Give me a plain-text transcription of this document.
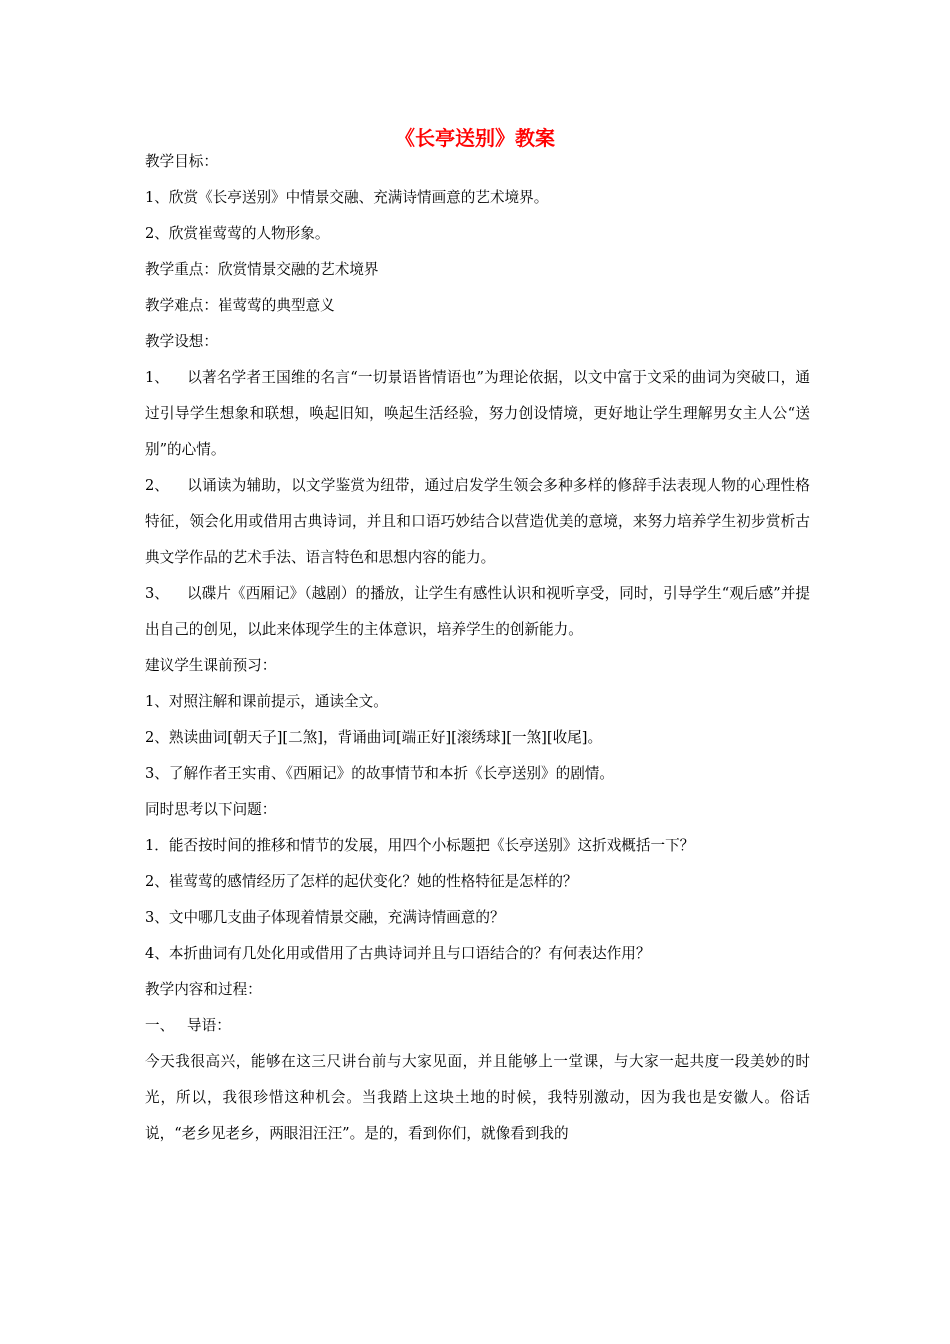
《长亭送别》教案

教学目标：

1、欣赏《长亭送别》中情景交融、充满诗情画意的艺术境界。

2、欣赏崔莺莺的人物形象。

教学重点：欣赏情景交融的艺术境界

教学难点：崔莺莺的典型意义

教学设想：

1、 以著名学者王国维的名言“一切景语皆情语也”为理论依据，以文中富于文采的曲词为突破口，通过引导学生想象和联想，唤起旧知，唤起生活经验，努力创设情境，更好地让学生理解男女主人公“送别”的心情。

2、 以诵读为辅助，以文学鉴赏为纽带，通过启发学生领会多种多样的修辞手法表现人物的心理性格特征，领会化用或借用古典诗词，并且和口语巧妙结合以营造优美的意境，来努力培养学生初步赏析古典文学作品的艺术手法、语言特色和思想内容的能力。

3、 以碟片《西厢记》（越剧）的播放，让学生有感性认识和视听享受，同时，引导学生“观后感”并提出自己的创见，以此来体现学生的主体意识，培养学生的创新能力。

建议学生课前预习：

1、对照注解和课前提示，通读全文。

2、熟读曲词[朝天子][二煞]，背诵曲词[端正好][滚绣球][一煞][收尾]。

3、了解作者王实甫、《西厢记》的故事情节和本折《长亭送别》的剧情。

同时思考以下问题：

1．能否按时间的推移和情节的发展，用四个小标题把《长亭送别》这折戏概括一下？

2、崔莺莺的感情经历了怎样的起伏变化？她的性格特征是怎样的？

3、文中哪几支曲子体现着情景交融，充满诗情画意的？

4、本折曲词有几处化用或借用了古典诗词并且与口语结合的？有何表达作用？

教学内容和过程：

一、 导语：

今天我很高兴，能够在这三尺讲台前与大家见面，并且能够上一堂课，与大家一起共度一段美妙的时光，所以，我很珍惜这种机会。当我踏上这块土地的时候，我特别激动，因为我也是安徽人。俗话说，“老乡见老乡，两眼泪汪汪”。是的，看到你们，就像看到我的
